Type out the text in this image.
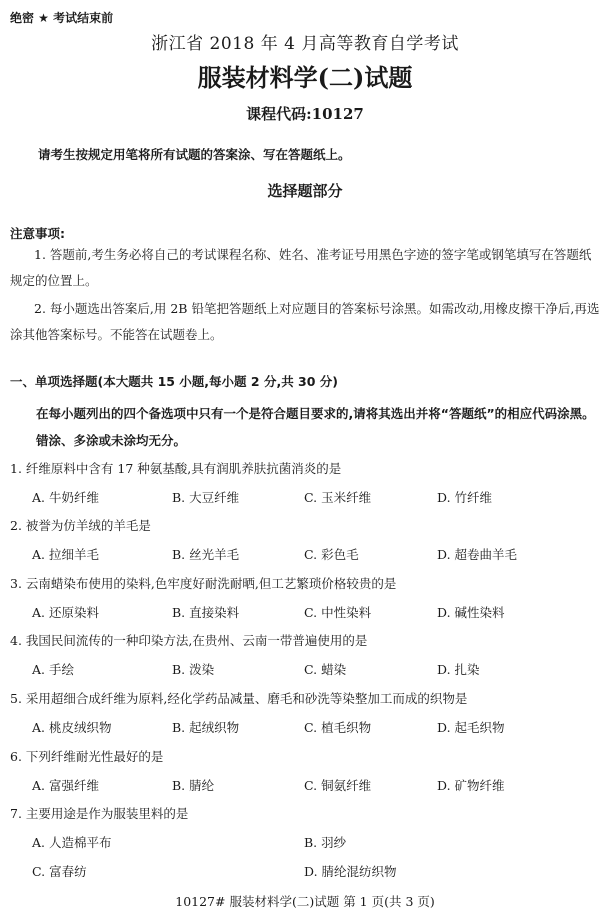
绝密 ★ 考试结束前
浙江省 2018 年 4 月高等教育自学考试
服装材料学(二)试题
课程代码:10127
请考生按规定用笔将所有试题的答案涂、写在答题纸上。
选择题部分
注意事项:
1. 答题前,考生务必将自己的考试课程名称、姓名、准考证号用黑色字迹的签字笔或钢笔填写在答题纸规定的位置上。
2. 每小题选出答案后,用 2B 铅笔把答题纸上对应题目的答案标号涂黑。如需改动,用橡皮擦干净后,再选涂其他答案标号。不能答在试题卷上。
一、单项选择题(本大题共 15 小题,每小题 2 分,共 30 分)
在每小题列出的四个备选项中只有一个是符合题目要求的,请将其选出并将“答题纸”的相应代码涂黑。错涂、多涂或未涂均无分。
1. 纤维原料中含有 17 种氨基酸,具有润肌养肤抗菌消炎的是
A. 牛奶纤维	B. 大豆纤维	C. 玉米纤维	D. 竹纤维
2. 被誉为仿羊绒的羊毛是
A. 拉细羊毛	B. 丝光羊毛	C. 彩色毛	D. 超卷曲羊毛
3. 云南蜡染布使用的染料,色牢度好耐洗耐晒,但工艺繁琐价格较贵的是
A. 还原染料	B. 直接染料	C. 中性染料	D. 碱性染料
4. 我国民间流传的一种印染方法,在贵州、云南一带普遍使用的是
A. 手绘	B. 泼染	C. 蜡染	D. 扎染
5. 采用超细合成纤维为原料,经化学药品减量、磨毛和砂洗等染整加工而成的织物是
A. 桃皮绒织物	B. 起绒织物	C. 植毛织物	D. 起毛织物
6. 下列纤维耐光性最好的是
A. 富强纤维	B. 腈纶	C. 铜氨纤维	D. 矿物纤维
7. 主要用途是作为服装里料的是
A. 人造棉平布	B. 羽纱
C. 富春纺	D. 腈纶混纺织物
10127# 服装材料学(二)试题 第 1 页(共 3 页)
